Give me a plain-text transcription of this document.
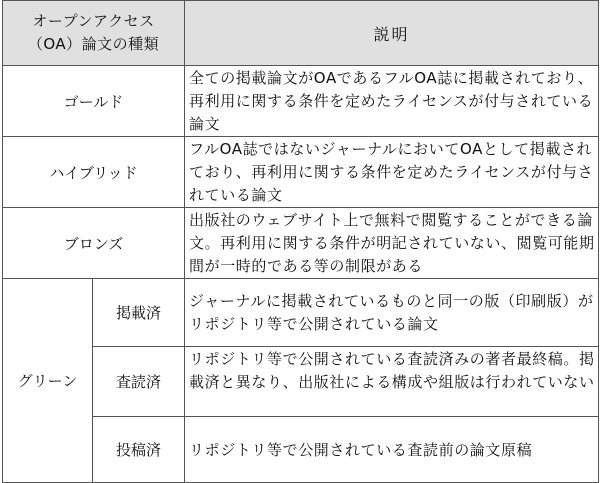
オープンアクセス
（OA）論文の種類		説明
ゴールド		全ての掲載論文がOAであるフルOA誌に掲載されており、再利用に関する条件を定めたライセンスが付与されている論文
ハイブリッド		フルOA誌ではないジャーナルにおいてOAとして掲載されており、再利用に関する条件を定めたライセンスが付与されている論文
ブロンズ		出版社のウェブサイト上で無料で閲覧することができる論文。再利用に関する条件が明記されていない、閲覧可能期間が一時的である等の制限がある
グリーン	掲載済	ジャーナルに掲載されているものと同一の版（印刷版）がリポジトリ等で公開されている論文
	査読済	リポジトリ等で公開されている査読済みの著者最終稿。掲載済と異なり、出版社による構成や組版は行われていない
	投稿済	リポジトリ等で公開されている査読前の論文原稿
